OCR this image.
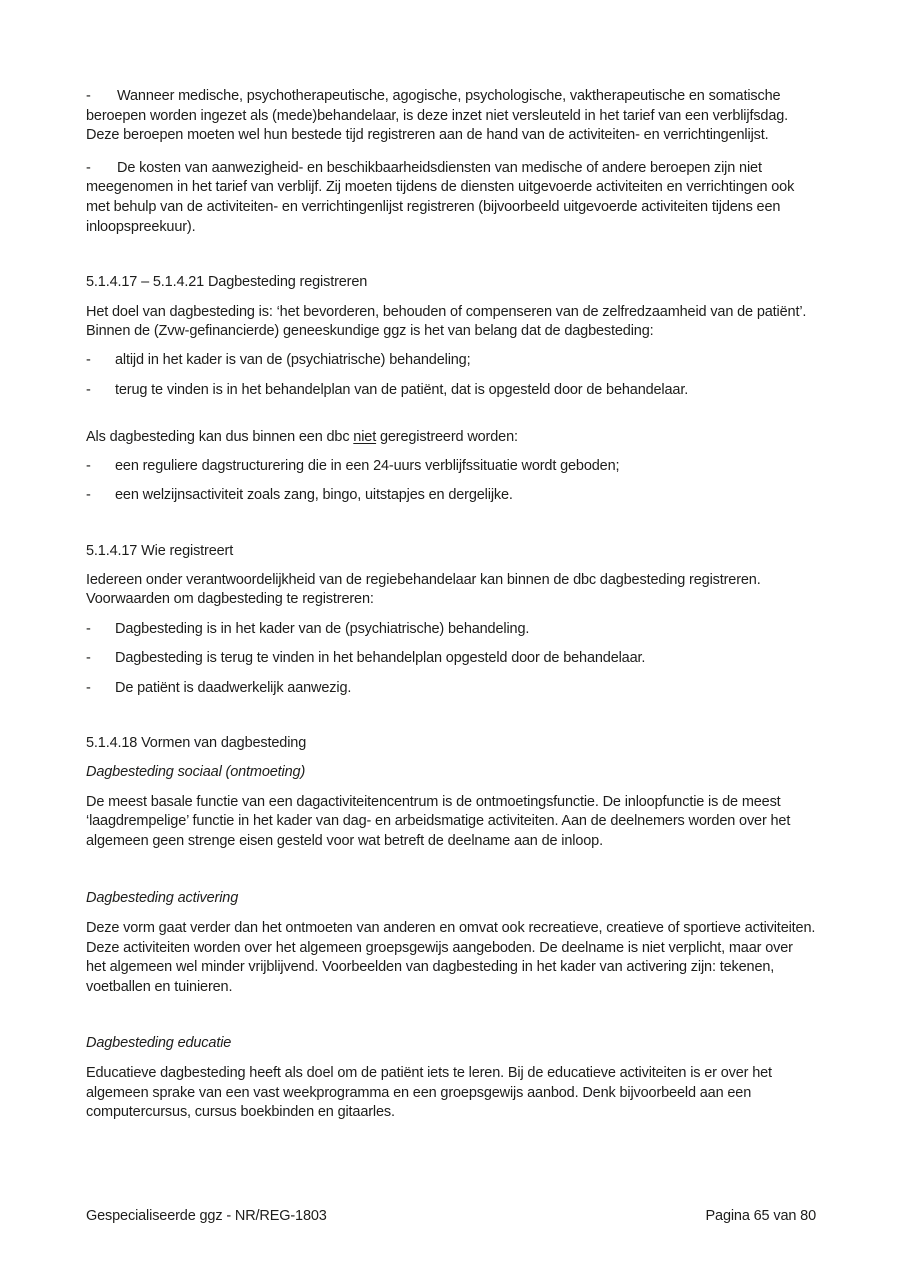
- Wanneer medische, psychotherapeutische, agogische, psychologische, vaktherapeutische en somatische beroepen worden ingezet als (mede)behandelaar, is deze inzet niet versleuteld in het tarief van een verblijfsdag. Deze beroepen moeten wel hun bestede tijd registreren aan de hand van de activiteiten- en verrichtingenlijst.

- De kosten van aanwezigheid- en beschikbaarheidsdiensten van medische of andere beroepen zijn niet meegenomen in het tarief van verblijf. Zij moeten tijdens de diensten uitgevoerde activiteiten en verrichtingen ook met behulp van de activiteiten- en verrichtingenlijst registreren (bijvoorbeeld uitgevoerde activiteiten tijdens een inloopspreekuur).

5.1.4.17 – 5.1.4.21 Dagbesteding registreren

Het doel van dagbesteding is: ‘het bevorderen, behouden of compenseren van de zelfredzaamheid van de patiënt’. Binnen de (Zvw-gefinancierde) geneeskundige ggz is het van belang dat de dagbesteding:

-	altijd in het kader is van de (psychiatrische) behandeling;
-	terug te vinden is in het behandelplan van de patiënt, dat is opgesteld door de behandelaar.

Als dagbesteding kan dus binnen een dbc niet geregistreerd worden:

-	een reguliere dagstructurering die in een 24-uurs verblijfssituatie wordt geboden;
-	een welzijnsactiviteit zoals zang, bingo, uitstapjes en dergelijke.
5.1.4.17 Wie registreert

Iedereen onder verantwoordelijkheid van de regiebehandelaar kan binnen de dbc dagbesteding registreren. Voorwaarden om dagbesteding te registreren:

-	Dagbesteding is in het kader van de (psychiatrische) behandeling.
-	Dagbesteding is terug te vinden in het behandelplan opgesteld door de behandelaar.
-	De patiënt is daadwerkelijk aanwezig.
5.1.4.18 Vormen van dagbesteding
Dagbesteding sociaal (ontmoeting)

De meest basale functie van een dagactiviteitencentrum is de ontmoetingsfunctie. De inloopfunctie is de meest ‘laagdrempelige’ functie in het kader van dag- en arbeidsmatige activiteiten. Aan de deelnemers worden over het algemeen geen strenge eisen gesteld voor wat betreft de deelname aan de inloop.

Dagbesteding activering

Deze vorm gaat verder dan het ontmoeten van anderen en omvat ook recreatieve, creatieve of sportieve activiteiten. Deze activiteiten worden over het algemeen groepsgewijs aangeboden. De deelname is niet verplicht, maar over het algemeen wel minder vrijblijvend. Voorbeelden van dagbesteding in het kader van activering zijn: tekenen, voetballen en tuinieren.

Dagbesteding educatie

Educatieve dagbesteding heeft als doel om de patiënt iets te leren. Bij de educatieve activiteiten is er over het algemeen sprake van een vast weekprogramma en een groepsgewijs aanbod. Denk bijvoorbeeld aan een computercursus, cursus boekbinden en gitaarles.

Gespecialiseerde ggz - NR/REG-1803	Pagina 65 van 80
